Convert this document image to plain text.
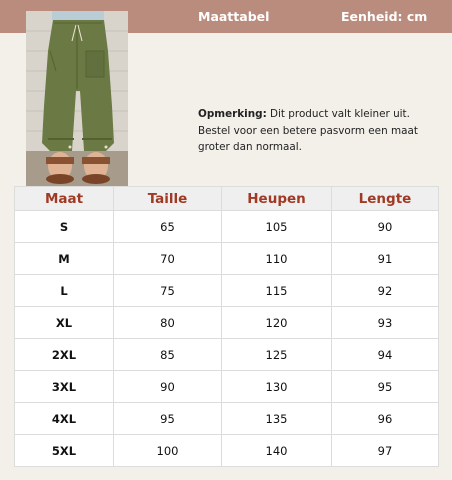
Maattabel	Eenheid: cm
Opmerking: Dit product valt kleiner uit. Bestel voor een betere pasvorm een maat groter dan normaal.
Maat	Taille	Heupen	Lengte
S	65	105	90
M	70	110	91
L	75	115	92
XL	80	120	93
2XL	85	125	94
3XL	90	130	95
4XL	95	135	96
5XL	100	140	97
